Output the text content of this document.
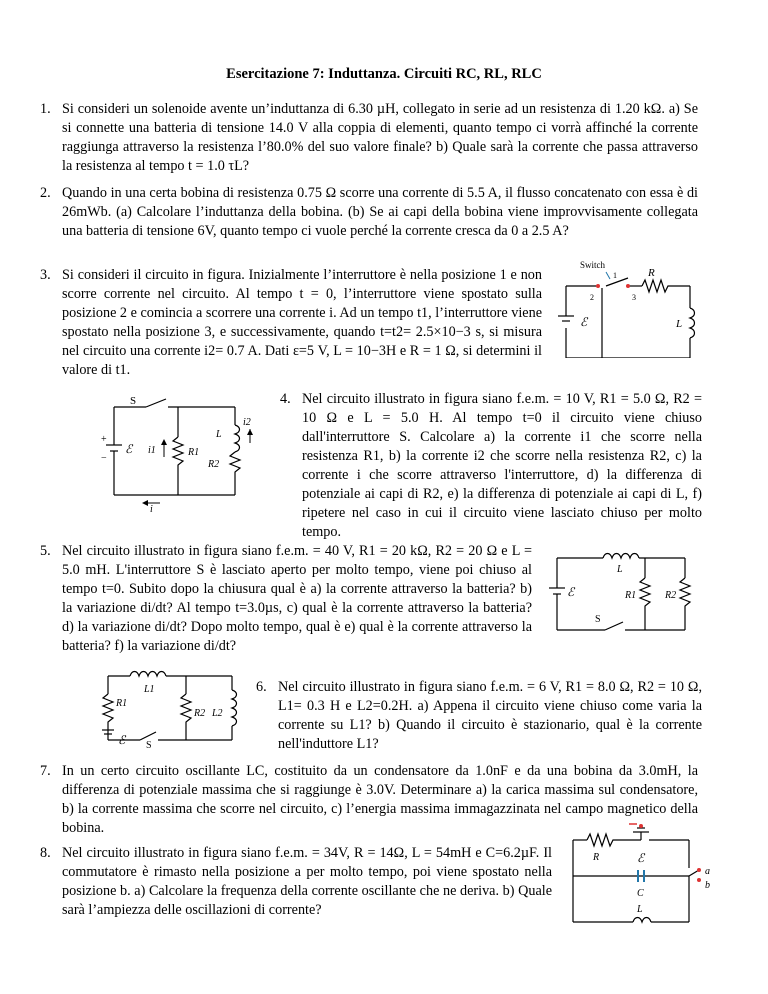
Esercitazione 7: Induttanza. Circuiti RC, RL, RLC
1. Si consideri un solenoide avente un’induttanza di 6.30 µH, collegato in serie ad un resistenza di 1.20 kΩ. a) Se si connette una batteria di tensione 14.0 V alla coppia di elementi, quanto tempo ci vorrà affinché la corrente raggiunga attraverso la resistenza l’80.0% del suo valore finale? b) Quale sarà la corrente che passa attraverso la resistenza al tempo t = 1.0 τL?
2. Quando in una certa bobina di resistenza 0.75 Ω scorre una corrente di 5.5 A, il flusso concatenato con essa è di 26mWb. (a) Calcolare l’induttanza della bobina. (b) Se ai capi della bobina viene improvvisamente collegata una batteria di tensione 6V, quanto tempo ci vuole perché la corrente cresca da 0 a 2.5 A?
3. Si consideri il circuito in figura. Inizialmente l’interruttore è nella posizione 1 e non scorre corrente nel circuito. Al tempo t = 0, l’interruttore viene spostato sulla posizione 2 e comincia a scorrere una corrente i. Ad un tempo t1, l’interruttore viene spostato nella posizione 3, e successivamente, quando t=t2= 2.5×10−3 s, si misura nel circuito una corrente i2= 0.7 A. Dati ε=5 V, L = 10−3H e R = 1 Ω, si determini il valore di t1.
Switch
1
2	3
R
ℰ	L
S
+
−
ℰ i1	R1
L
i2
R2
i
4. Nel circuito illustrato in figura siano f.e.m. = 10 V, R1 = 5.0 Ω, R2 = 10 Ω e L = 5.0 H. Al tempo t=0 il circuito viene chiuso dall'interruttore S. Calcolare a) la corrente i1 che scorre nella resistenza R1, b) la corrente i2 che scorre nella resistenza R2, c) la corrente i che scorre attraverso l'interruttore, d) la differenza di potenziale ai capi di R2, e) la differenza di potenziale ai capi di L, f) ripetere nel caso in cui il circuito viene lasciato chiuso per molto tempo.
5. Nel circuito illustrato in figura siano f.e.m. = 40 V, R1 = 20 kΩ, R2 = 20 Ω e L = 5.0 mH. L'interruttore S è lasciato aperto per molto tempo, viene poi chiuso al tempo t=0. Subito dopo la chiusura qual è a) la corrente attraverso la batteria? b) la variazione di/dt? Al tempo t=3.0µs, c) qual è la corrente attraverso la batteria? d) la variazione di/dt? Dopo molto tempo, qual è e) qual è la corrente attraverso la batteria? f) la variazione di/dt?
L
ℰ	R1	R2
S
L1
R1
R2 L2
ℰ S
6. Nel circuito illustrato in figura siano f.e.m. = 6 V, R1 = 8.0 Ω, R2 = 10 Ω, L1= 0.3 H e L2=0.2H. a) Appena il circuito viene chiuso come varia la corrente su L1? b) Quando il circuito è stazionario, qual è la corrente nell'induttore L1?
7. In un certo circuito oscillante LC, costituito da un condensatore da 1.0nF e da una bobina da 3.0mH, la differenza di potenziale massima che si raggiunge è 3.0V. Determinare a) la carica massima sul condensatore, b) la corrente massima che scorre nel circuito, c) l’energia massima immagazzinata nel campo magnetico della bobina.
8. Nel circuito illustrato in figura siano f.e.m. = 34V, R = 14Ω, L = 54mH e C=6.2µF. Il commutatore è rimasto nella posizione a per molto tempo, poi viene spostato nella posizione b. a) Calcolare la frequenza della corrente oscillante che ne deriva. b) Quale sarà l’ampiezza delle oscillazioni di corrente?
R	ℰ
a
b
C
L
